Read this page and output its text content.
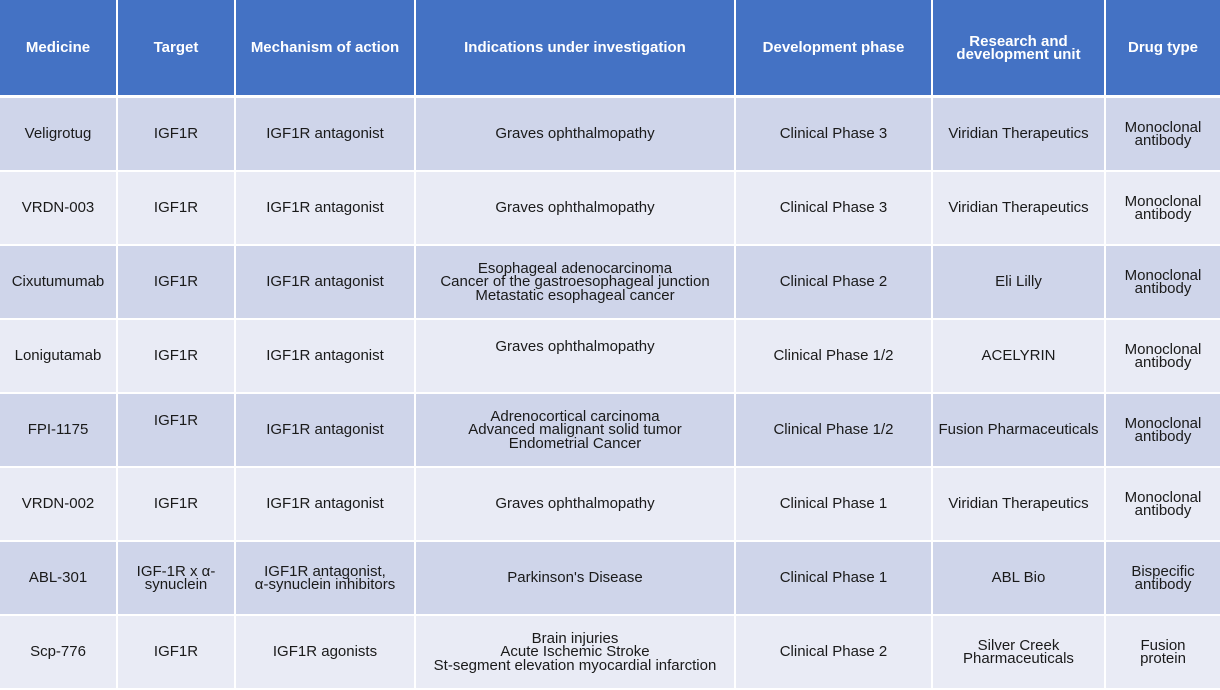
Medicine	Target	Mechanism of action	Indications under investigation	Development phase	Research and development unit	Drug type
Veligrotug	IGF1R	IGF1R antagonist	Graves ophthalmopathy	Clinical Phase 3	Viridian Therapeutics	Monoclonal
antibody

VRDN-003	IGF1R	IGF1R antagonist	Graves ophthalmopathy	Clinical Phase 3	Viridian Therapeutics	Monoclonal
antibody

Cixutumumab	IGF1R	IGF1R antagonist	Esophageal adenocarcinoma
Cancer of the gastroesophageal junction
Metastatic esophageal cancer	Clinical Phase 2	Eli Lilly	Monoclonal
antibody

Lonigutamab	IGF1R	IGF1R antagonist	Graves ophthalmopathy	Clinical Phase 1/2	ACELYRIN	Monoclonal
antibody

FPI-1175	IGF1R	IGF1R antagonist	Adrenocortical carcinoma
Advanced malignant solid tumor
Endometrial Cancer	Clinical Phase 1/2	Fusion Pharmaceuticals	Monoclonal
antibody

VRDN-002	IGF1R	IGF1R antagonist	Graves ophthalmopathy	Clinical Phase 1	Viridian Therapeutics	Monoclonal
antibody

ABL-301	IGF-1R x α-
synuclein	IGF1R antagonist,
α-synuclein inhibitors	Parkinson's Disease	Clinical Phase 1	ABL Bio	Bispecific
antibody

Scp-776	IGF1R	IGF1R agonists	Brain injuries
Acute Ischemic Stroke
St-segment elevation myocardial infarction	Clinical Phase 2	Silver Creek
Pharmaceuticals	Fusion
protein
